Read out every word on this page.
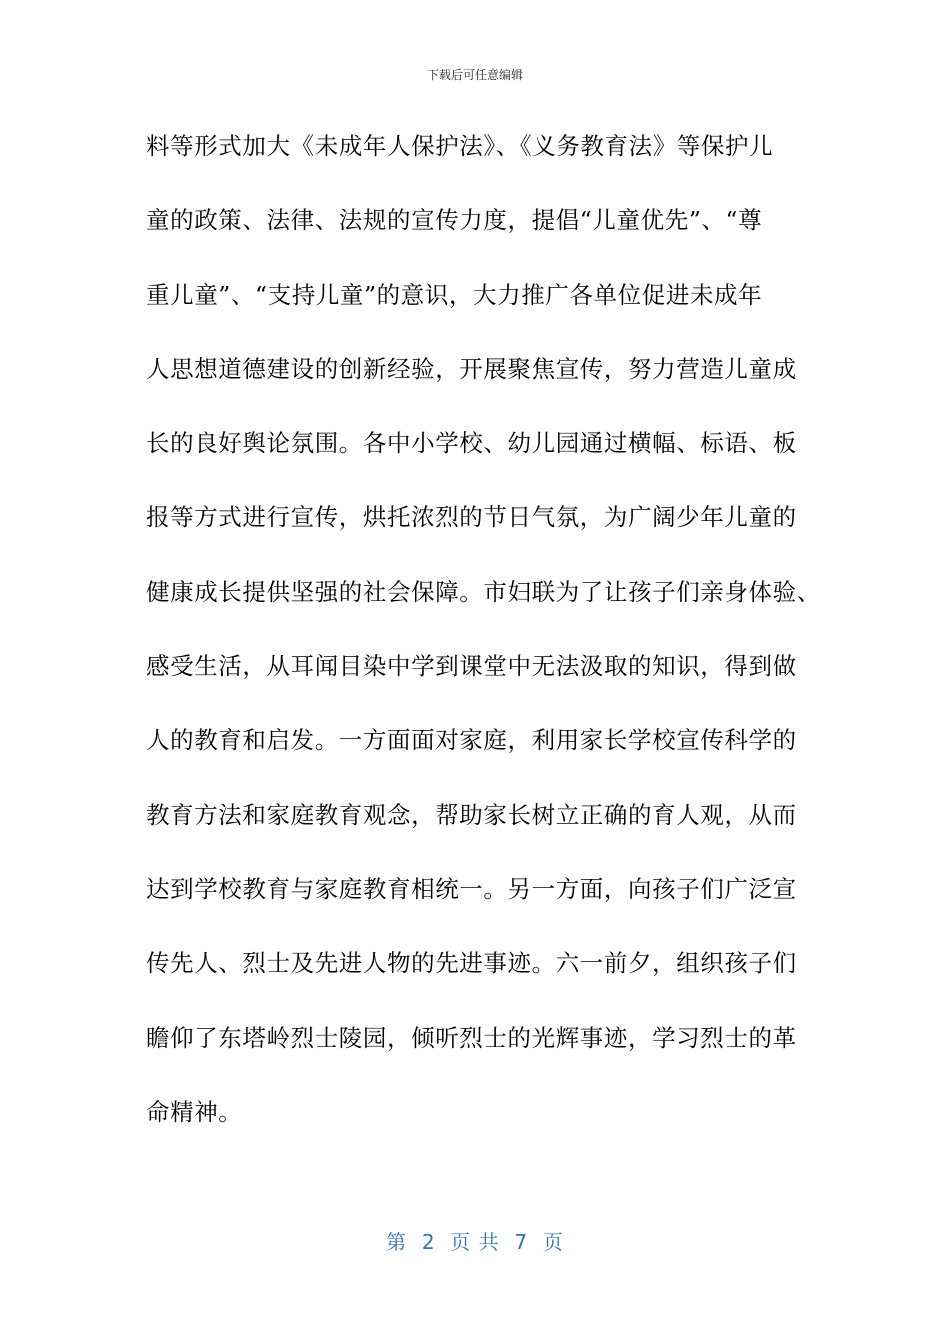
下载后可任意编辑
料等形式加大《未成年人保护法》、《义务教育法》等保护儿
童的政策、法律、法规的宣传力度，提倡“儿童优先”、“尊
重儿童”、“支持儿童”的意识，大力推广各单位促进未成年
人思想道德建设的创新经验，开展聚焦宣传，努力营造儿童成
长的良好舆论氛围。各中小学校、幼儿园通过横幅、标语、板
报等方式进行宣传，烘托浓烈的节日气氛，为广阔少年儿童的
健康成长提供坚强的社会保障。市妇联为了让孩子们亲身体验、
感受生活，从耳闻目染中学到课堂中无法汲取的知识，得到做
人的教育和启发。一方面面对家庭，利用家长学校宣传科学的
教育方法和家庭教育观念，帮助家长树立正确的育人观，从而
达到学校教育与家庭教育相统一。另一方面，向孩子们广泛宣
传先人、烈士及先进人物的先进事迹。六一前夕，组织孩子们
瞻仰了东塔岭烈士陵园，倾听烈士的光辉事迹，学习烈士的革
命精神。
第  2  页 共  7  页
